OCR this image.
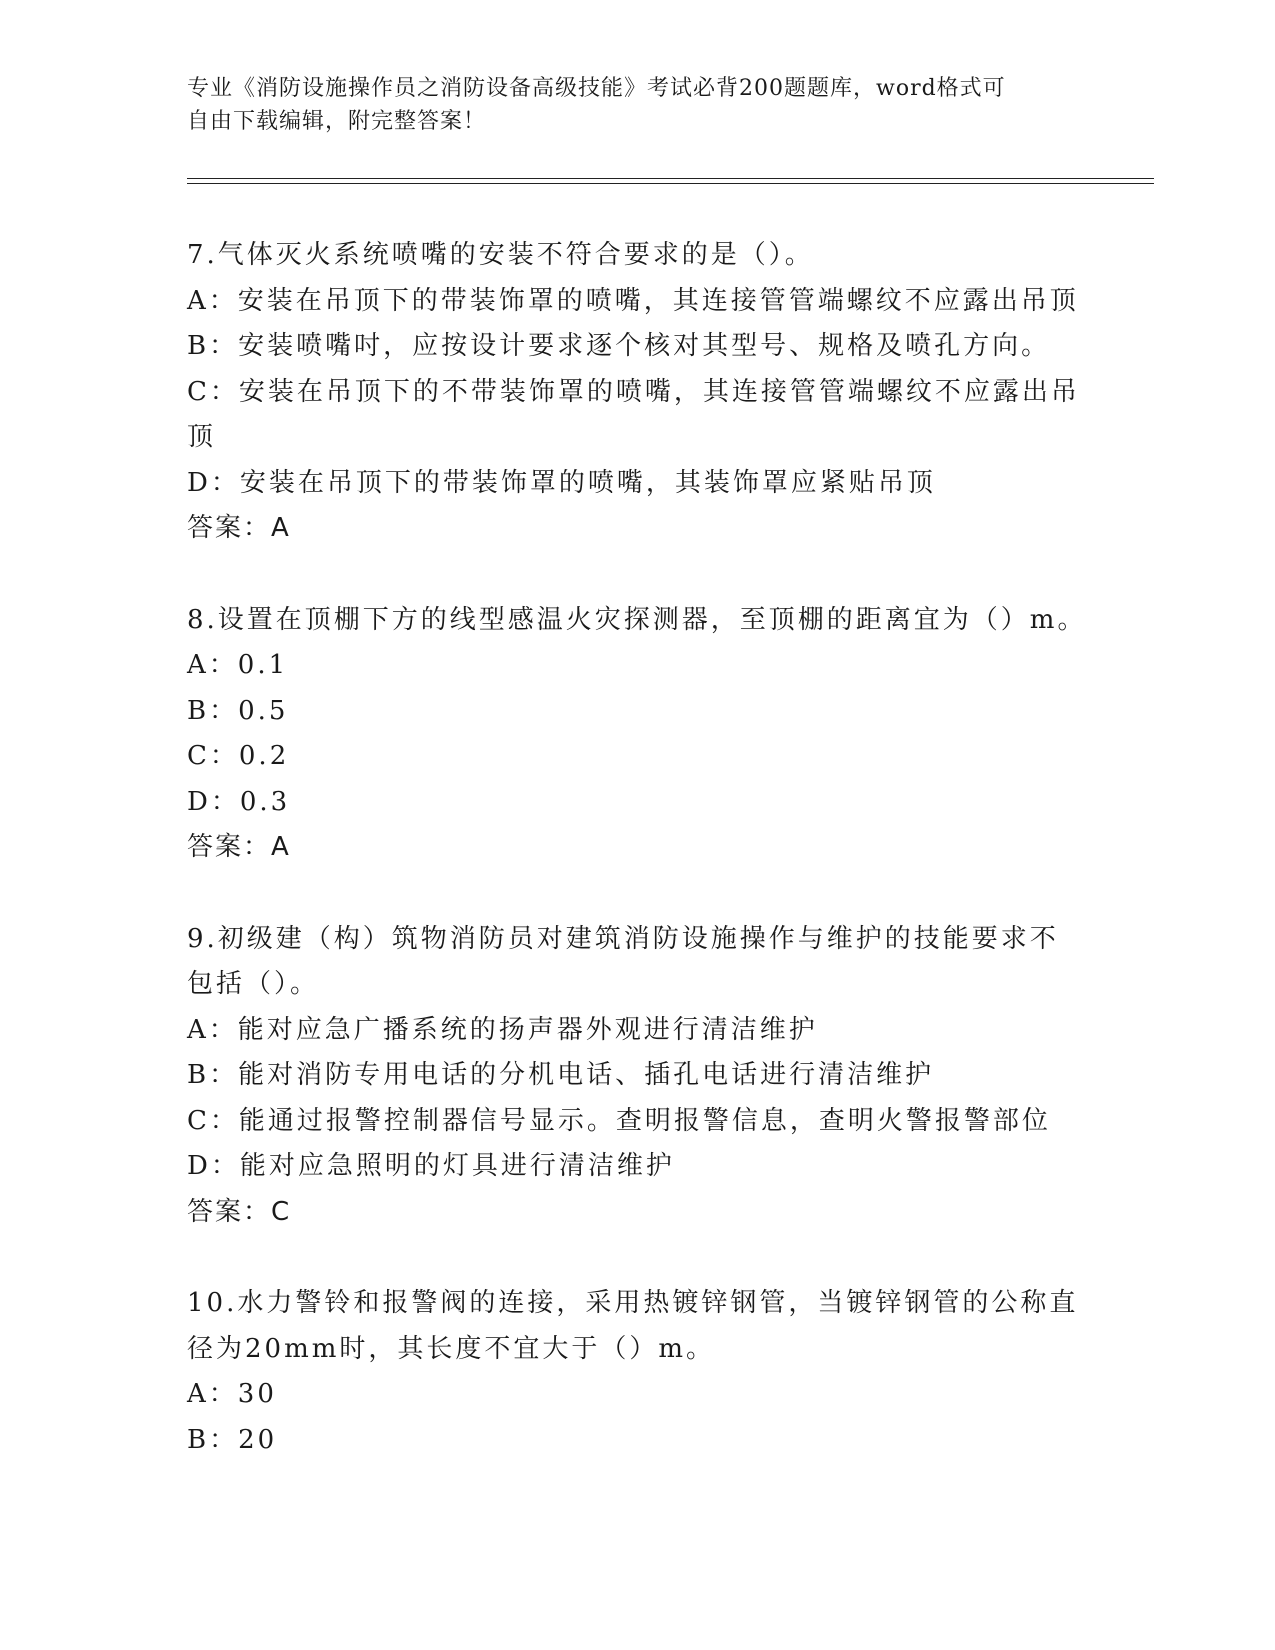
专业《消防设施操作员之消防设备高级技能》考试必背200题题库，word格式可
自由下载编辑，附完整答案！
7.气体灭火系统喷嘴的安装不符合要求的是（）。
A：安装在吊顶下的带装饰罩的喷嘴，其连接管管端螺纹不应露出吊顶
B：安装喷嘴吋，应按设计要求逐个核对其型号、规格及喷孔方向。
C：安装在吊顶下的不带装饰罩的喷嘴，其连接管管端螺纹不应露出吊
顶
D：安装在吊顶下的带装饰罩的喷嘴，其装饰罩应紧贴吊顶
答案：A
8.设置在顶棚下方的线型感温火灾探测器，至顶棚的距离宜为（）m。
A：0.1
B：0.5
C：0.2
D：0.3
答案：A
9.初级建（构）筑物消防员对建筑消防设施操作与维护的技能要求不
包括（）。
A：能对应急广播系统的扬声器外观进行清洁维护
B：能对消防专用电话的分机电话、插孔电话进行清洁维护
C：能通过报警控制器信号显示。查明报警信息，查明火警报警部位
D：能对应急照明的灯具进行清洁维护
答案：C
10.水力警铃和报警阀的连接，采用热镀锌钢管，当镀锌钢管的公称直
径为20mm时，其长度不宜大于（）m。
A：30
B：20
